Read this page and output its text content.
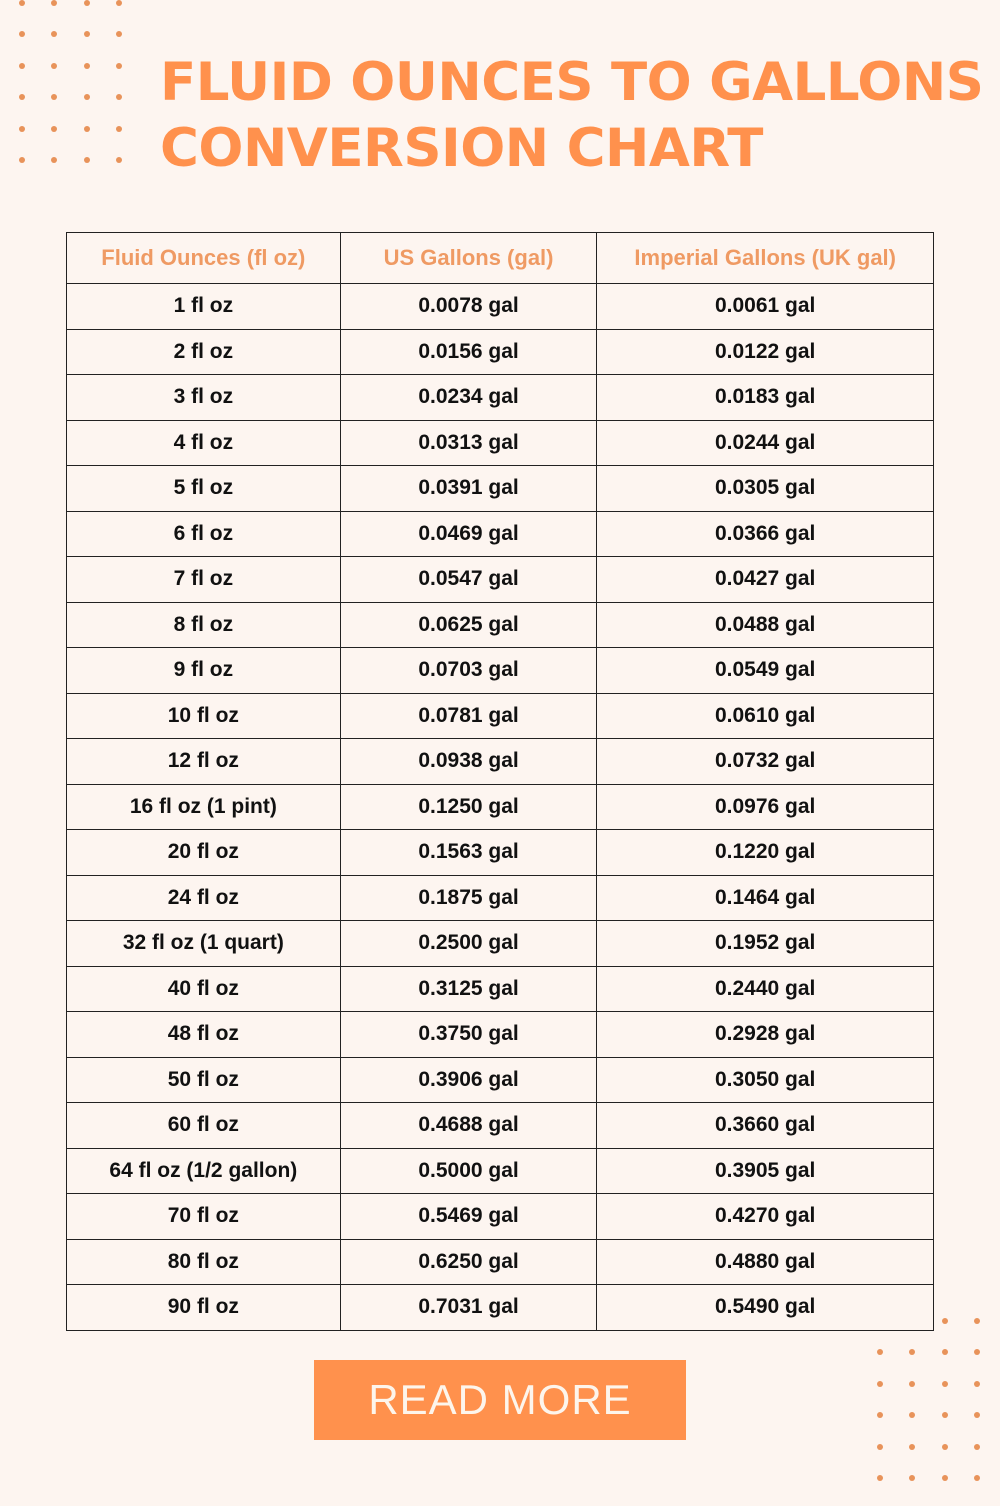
FLUID OUNCES TO GALLONS
CONVERSION CHART
Fluid Ounces (fl oz)	US Gallons (gal)	Imperial Gallons (UK gal)
1 fl oz	0.0078 gal	0.0061 gal
2 fl oz	0.0156 gal	0.0122 gal
3 fl oz	0.0234 gal	0.0183 gal
4 fl oz	0.0313 gal	0.0244 gal
5 fl oz	0.0391 gal	0.0305 gal
6 fl oz	0.0469 gal	0.0366 gal
7 fl oz	0.0547 gal	0.0427 gal
8 fl oz	0.0625 gal	0.0488 gal
9 fl oz	0.0703 gal	0.0549 gal
10 fl oz	0.0781 gal	0.0610 gal
12 fl oz	0.0938 gal	0.0732 gal
16 fl oz (1 pint)	0.1250 gal	0.0976 gal
20 fl oz	0.1563 gal	0.1220 gal
24 fl oz	0.1875 gal	0.1464 gal
32 fl oz (1 quart)	0.2500 gal	0.1952 gal
40 fl oz	0.3125 gal	0.2440 gal
48 fl oz	0.3750 gal	0.2928 gal
50 fl oz	0.3906 gal	0.3050 gal
60 fl oz	0.4688 gal	0.3660 gal
64 fl oz (1/2 gallon)	0.5000 gal	0.3905 gal
70 fl oz	0.5469 gal	0.4270 gal
80 fl oz	0.6250 gal	0.4880 gal
90 fl oz	0.7031 gal	0.5490 gal
READ MORE
